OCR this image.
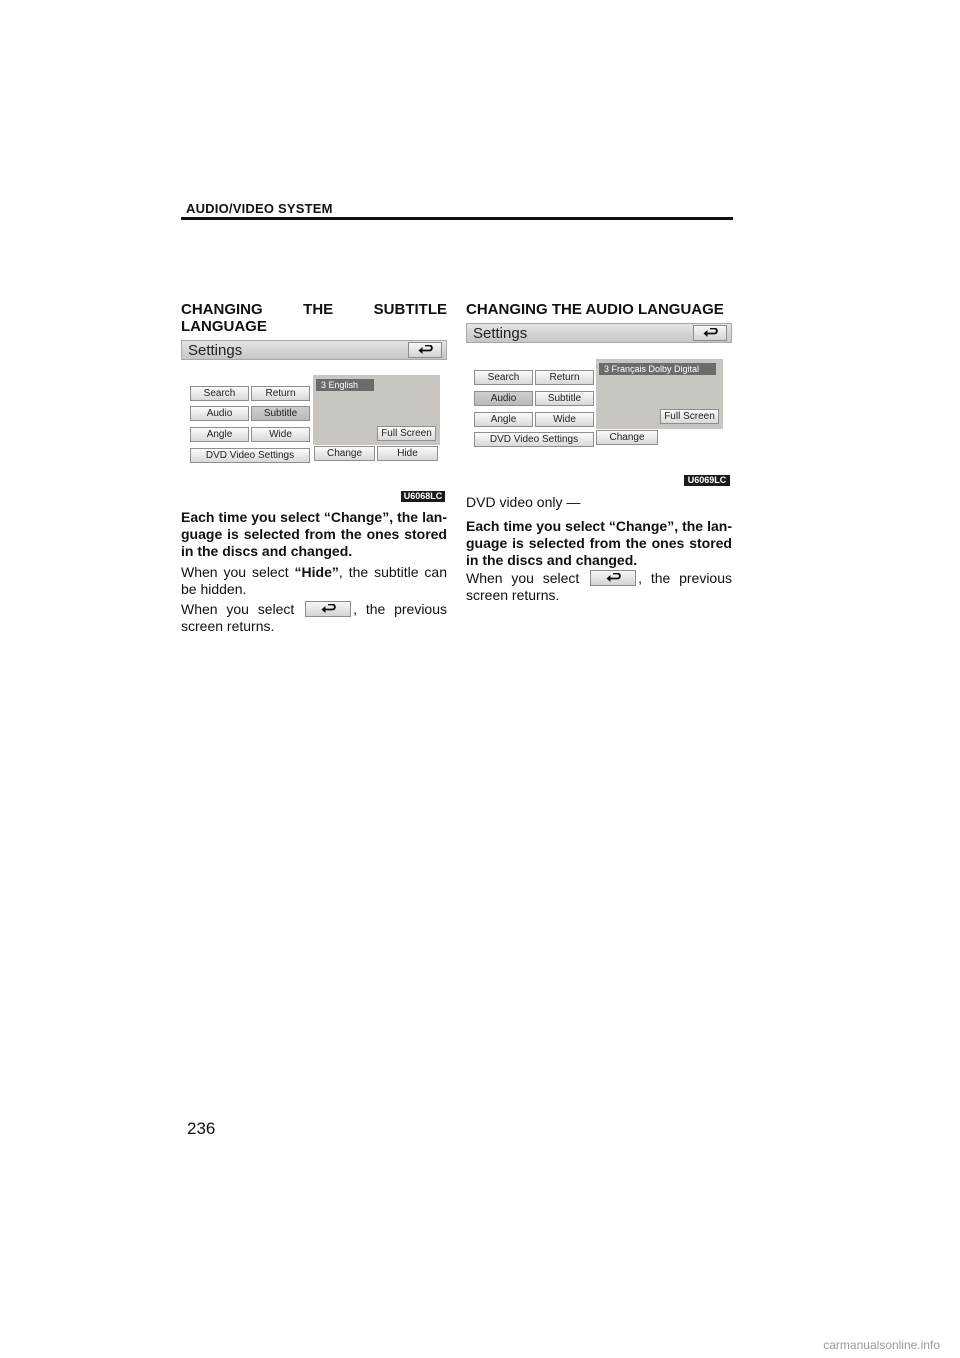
AUDIO/VIDEO SYSTEM
CHANGING	THE	SUBTITLE
LANGUAGE
Settings
Search	Return
Audio	Subtitle
Angle	Wide
DVD Video Settings
3 English
Full Screen
Change	Hide
U6068LC
Each time you select “Change”, the lan-
guage is selected from the ones stored
in the discs and changed.
When you select “Hide”, the subtitle can
be hidden.
When you select	, the previous
screen returns.
CHANGING THE AUDIO LANGUAGE
Settings
Search	Return
Audio	Subtitle
Angle	Wide
DVD Video Settings
3 Français Dolby Digital
Full Screen
Change
U6069LC
DVD video only —
Each time you select “Change”, the lan-
guage is selected from the ones stored
in the discs and changed.
When you select	, the previous
screen returns.
236
carmanualsonline.info
